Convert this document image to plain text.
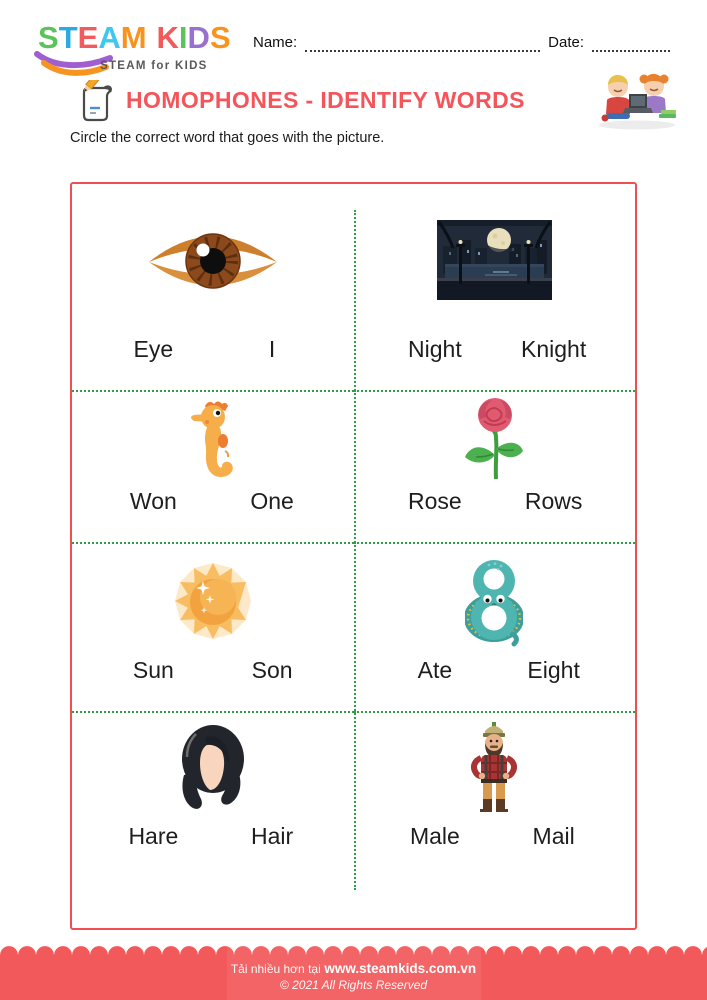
STEAM KIDS
STEAM for KIDS
Name:	Date:
HOMOPHONES - IDENTIFY WORDS
Circle the correct word that goes with the picture.
Eye	I	Night	Knight
Won	One	Rose	Rows
Sun	Son	Ate	Eight
Hare	Hair	Male	Mail
Tải nhiều hơn tại www.steamkids.com.vn
© 2021 All Rights Reserved
